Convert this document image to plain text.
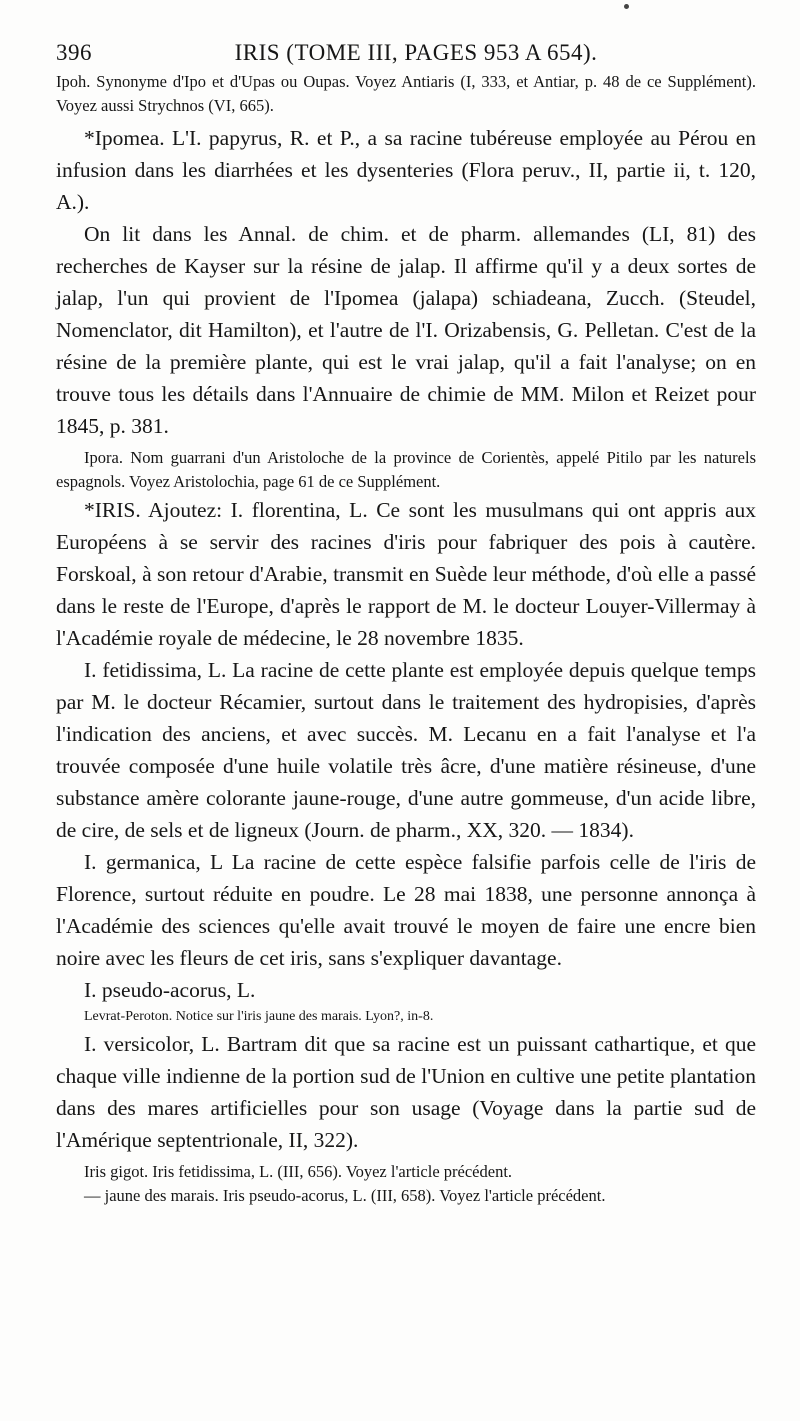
396	IRIS (TOME III, PAGES 953 A 654).

Ipoh. Synonyme d'Ipo et d'Upas ou Oupas. Voyez Antiaris (I, 333, et Antiar, p. 48 de ce Supplément). Voyez aussi Strychnos (VI, 665).

*Ipomea. L'I. papyrus, R. et P., a sa racine tubéreuse employée au Pérou en infusion dans les diarrhées et les dysenteries (Flora peruv., II, partie ii, t. 120, A.).

On lit dans les Annal. de chim. et de pharm. allemandes (LI, 81) des recherches de Kayser sur la résine de jalap. Il affirme qu'il y a deux sortes de jalap, l'un qui provient de l'Ipomea (jalapa) schiadeana, Zucch. (Steudel, Nomenclator, dit Hamilton), et l'autre de l'I. Orizabensis, G. Pelletan. C'est de la résine de la première plante, qui est le vrai jalap, qu'il a fait l'analyse; on en trouve tous les détails dans l'Annuaire de chimie de MM. Milon et Reizet pour 1845, p. 381.

Ipora. Nom guarrani d'un Aristoloche de la province de Corientès, appelé Pitilo par les naturels espagnols. Voyez Aristolochia, page 61 de ce Supplément.

*IRIS. Ajoutez: I. florentina, L. Ce sont les musulmans qui ont appris aux Européens à se servir des racines d'iris pour fabriquer des pois à cautère. Forskoal, à son retour d'Arabie, transmit en Suède leur méthode, d'où elle a passé dans le reste de l'Europe, d'après le rapport de M. le docteur Louyer-Villermay à l'Académie royale de médecine, le 28 novembre 1835.

I. fetidissima, L. La racine de cette plante est employée depuis quelque temps par M. le docteur Récamier, surtout dans le traitement des hydropisies, d'après l'indication des anciens, et avec succès. M. Lecanu en a fait l'analyse et l'a trouvée composée d'une huile volatile très âcre, d'une matière résineuse, d'une substance amère colorante jaune-rouge, d'une autre gommeuse, d'un acide libre, de cire, de sels et de ligneux (Journ. de pharm., XX, 320. — 1834).

I. germanica, L La racine de cette espèce falsifie parfois celle de l'iris de Florence, surtout réduite en poudre. Le 28 mai 1838, une personne annonça à l'Académie des sciences qu'elle avait trouvé le moyen de faire une encre bien noire avec les fleurs de cet iris, sans s'expliquer davantage.

I. pseudo-acorus, L.

Levrat-Peroton. Notice sur l'iris jaune des marais. Lyon?, in-8.

I. versicolor, L. Bartram dit que sa racine est un puissant cathartique, et que chaque ville indienne de la portion sud de l'Union en cultive une petite plantation dans des mares artificielles pour son usage (Voyage dans la partie sud de l'Amérique septentrionale, II, 322).

Iris gigot. Iris fetidissima, L. (III, 656). Voyez l'article précédent.

— jaune des marais. Iris pseudo-acorus, L. (III, 658). Voyez l'article précédent.
